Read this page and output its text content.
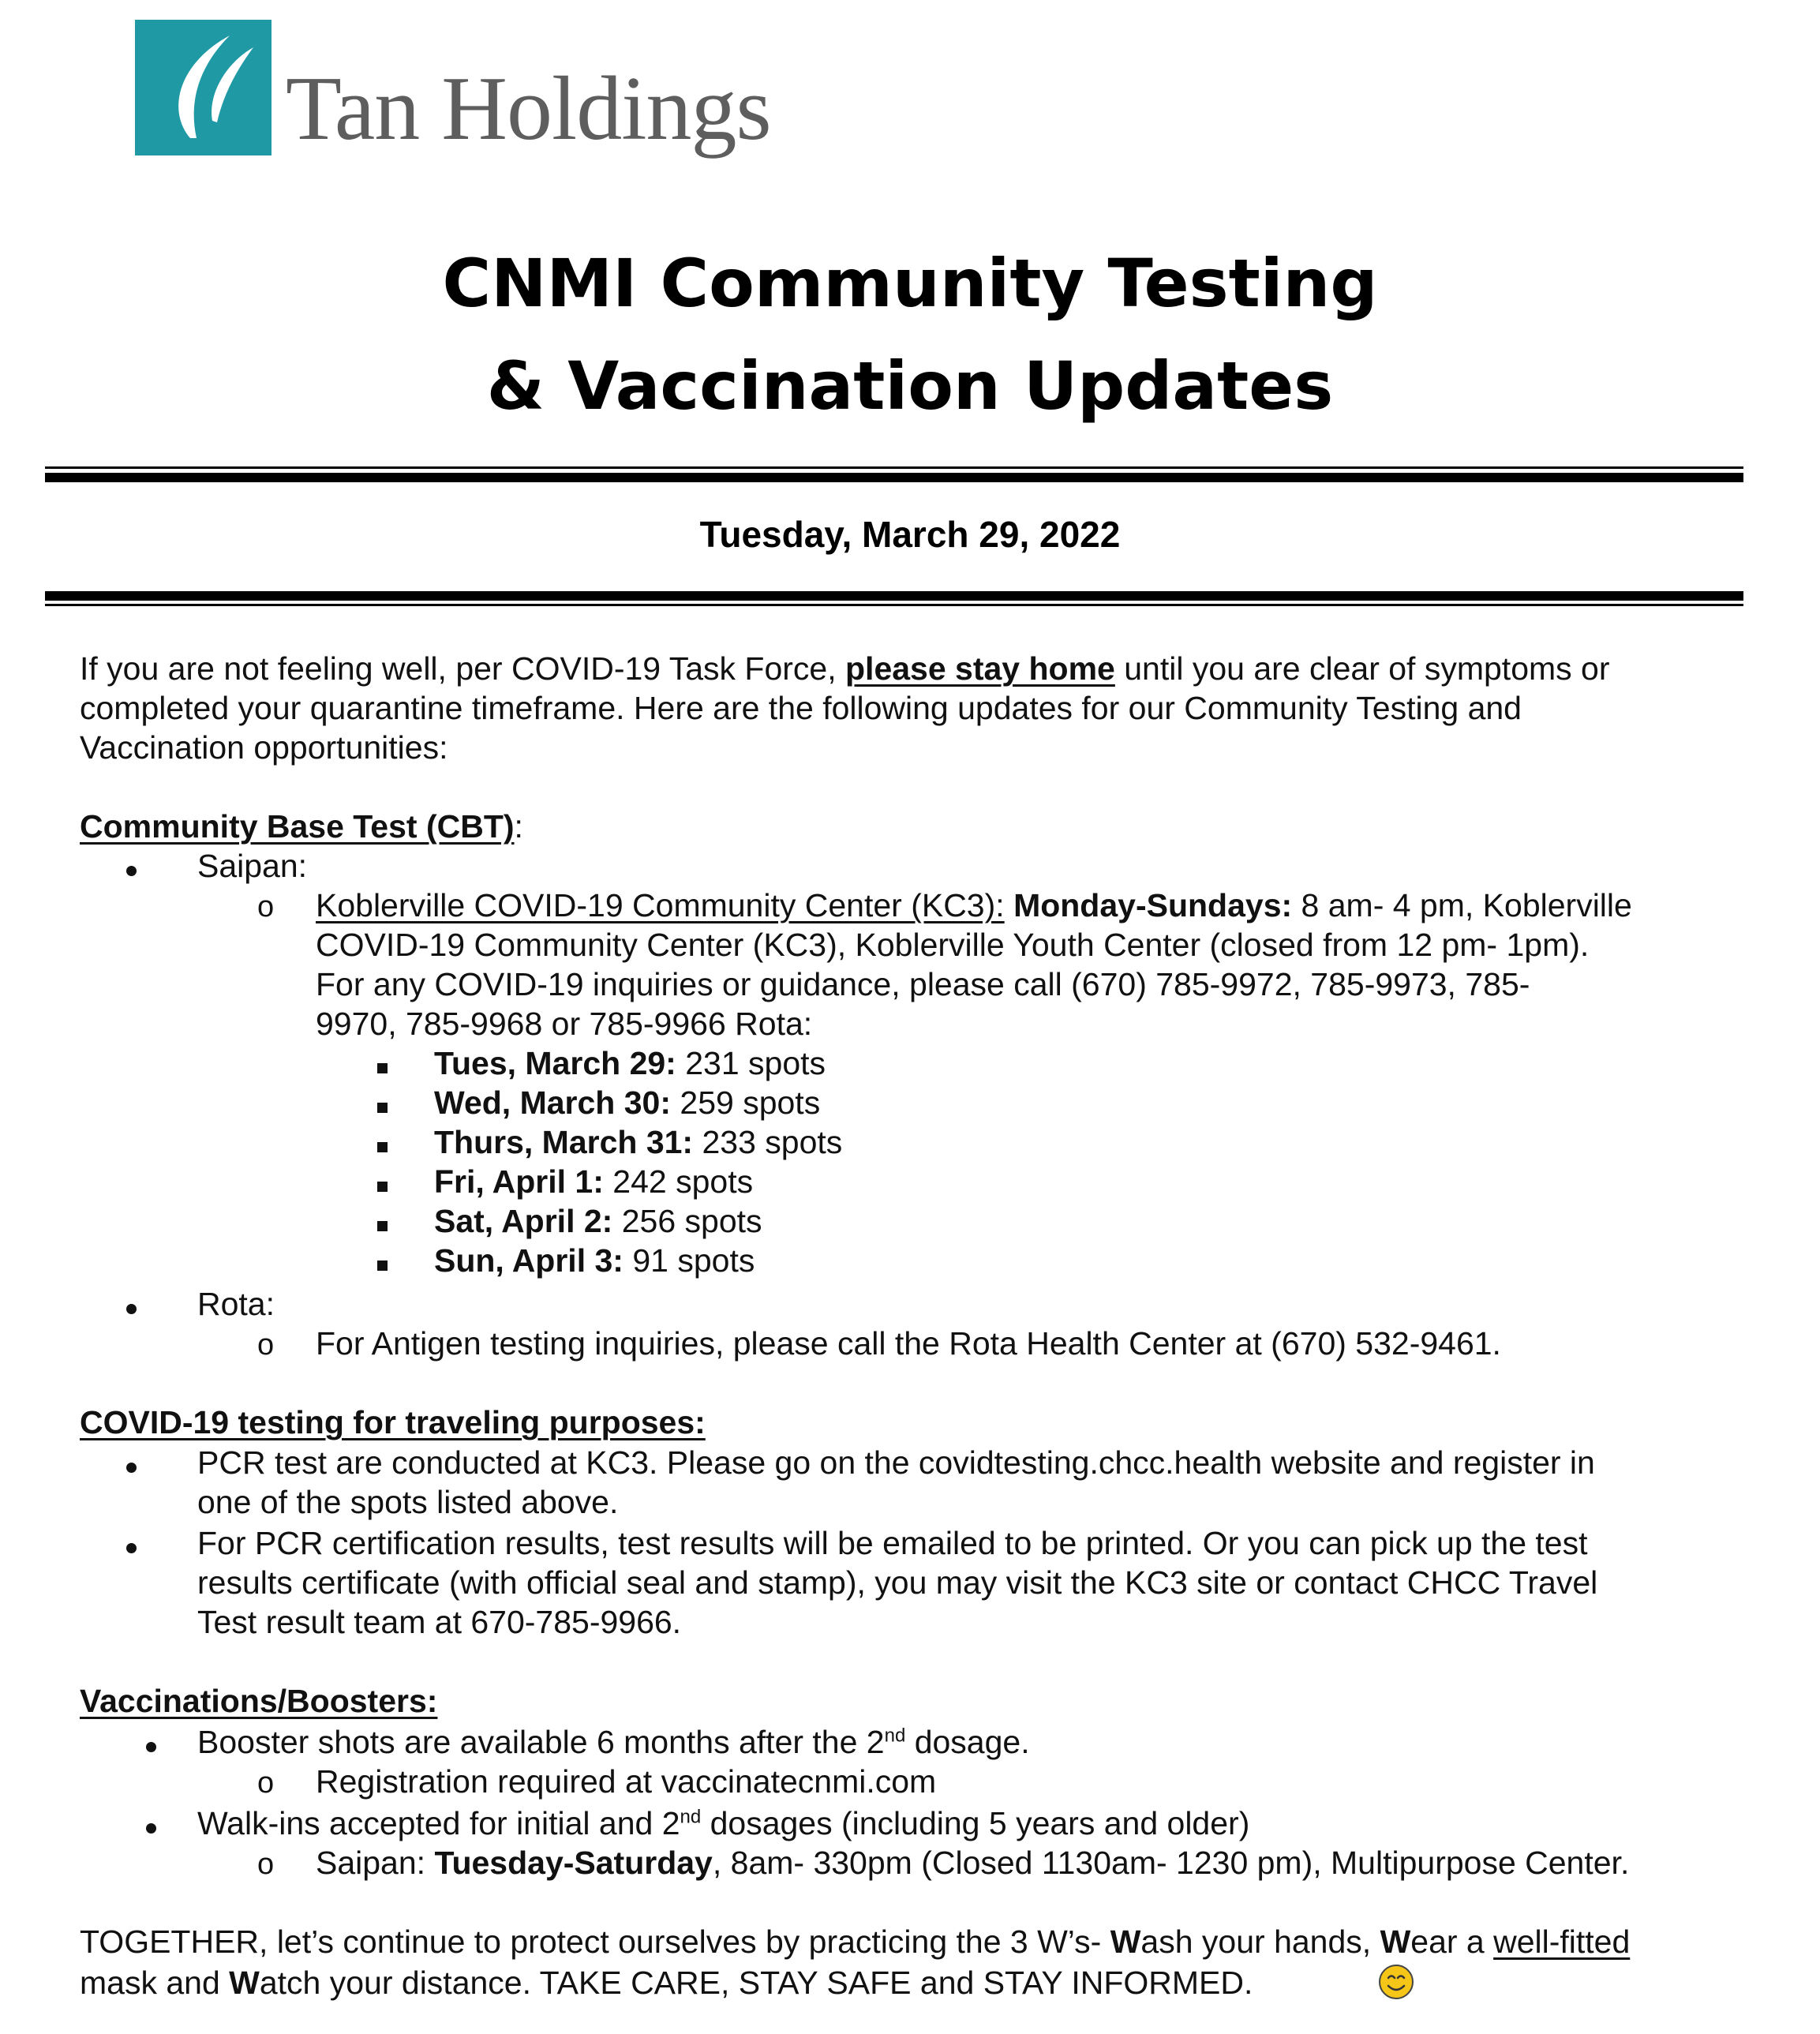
Tan Holdings
CNMI Community Testing
& Vaccination Updates
Tuesday, March 29, 2022
If you are not feeling well, per COVID-19 Task Force, please stay home until you are clear of symptoms or
completed your quarantine timeframe. Here are the following updates for our Community Testing and
Vaccination opportunities:
Community Base Test (CBT):
Saipan:
o Koblerville COVID-19 Community Center (KC3): Monday-Sundays: 8 am- 4 pm, Koblerville
COVID-19 Community Center (KC3), Koblerville Youth Center (closed from 12 pm- 1pm).
For any COVID-19 inquiries or guidance, please call (670) 785-9972, 785-9973, 785-
9970, 785-9968 or 785-9966 Rota:
Tues, March 29: 231 spots
Wed, March 30: 259 spots
Thurs, March 31: 233 spots
Fri, April 1: 242 spots
Sat, April 2: 256 spots
Sun, April 3: 91 spots
Rota:
o For Antigen testing inquiries, please call the Rota Health Center at (670) 532-9461.
COVID-19 testing for traveling purposes:
PCR test are conducted at KC3. Please go on the covidtesting.chcc.health website and register in
one of the spots listed above.
For PCR certification results, test results will be emailed to be printed. Or you can pick up the test
results certificate (with official seal and stamp), you may visit the KC3 site or contact CHCC Travel
Test result team at 670-785-9966.
Vaccinations/Boosters:
Booster shots are available 6 months after the 2nd dosage.
o Registration required at vaccinatecnmi.com
Walk-ins accepted for initial and 2nd dosages (including 5 years and older)
o Saipan: Tuesday-Saturday, 8am- 330pm (Closed 1130am- 1230 pm), Multipurpose Center.
TOGETHER, let’s continue to protect ourselves by practicing the 3 W’s- Wash your hands, Wear a well-fitted
mask and Watch your distance. TAKE CARE, STAY SAFE and STAY INFORMED.
